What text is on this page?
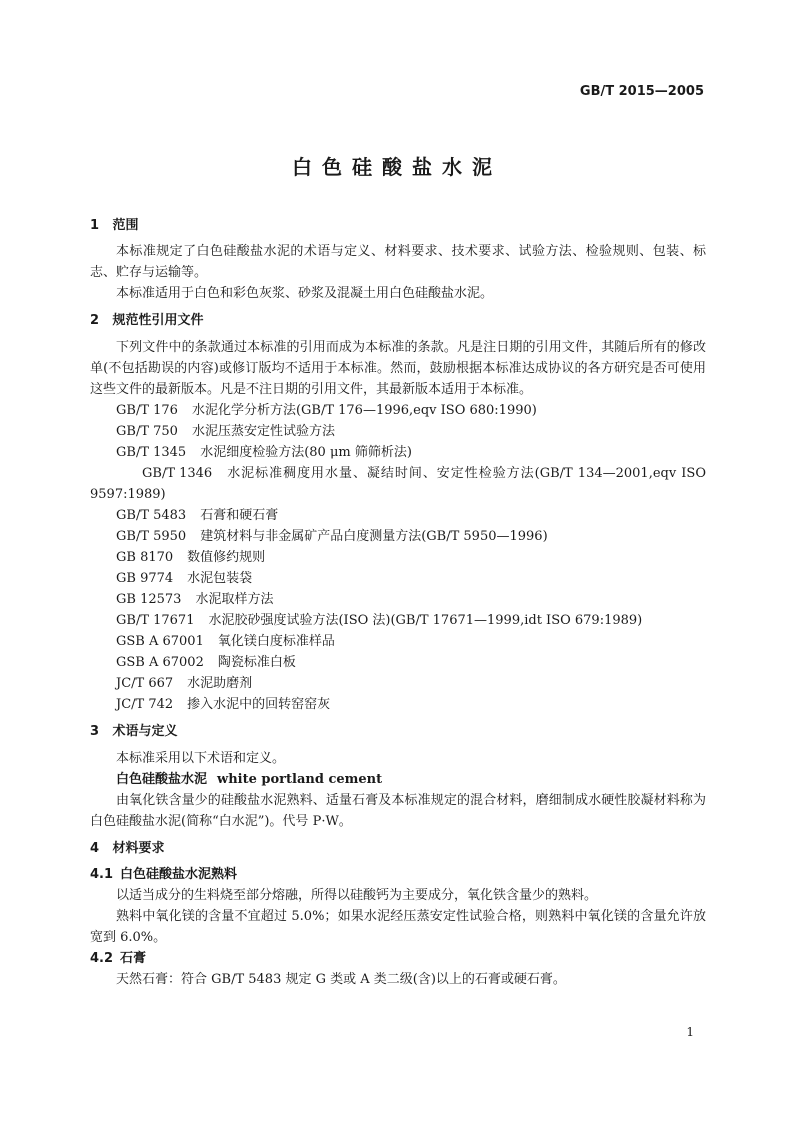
GB/T 2015—2005
白色硅酸盐水泥
1 范围

本标准规定了白色硅酸盐水泥的术语与定义、材料要求、技术要求、试验方法、检验规则、包装、标志、贮存与运输等。

本标准适用于白色和彩色灰浆、砂浆及混凝土用白色硅酸盐水泥。

2 规范性引用文件

下列文件中的条款通过本标准的引用而成为本标准的条款。凡是注日期的引用文件，其随后所有的修改单(不包括勘误的内容)或修订版均不适用于本标准。然而，鼓励根据本标准达成协议的各方研究是否可使用这些文件的最新版本。凡是不注日期的引用文件，其最新版本适用于本标准。

GB/T 176 水泥化学分析方法(GB/T 176—1996,eqv ISO 680:1990)

GB/T 750 水泥压蒸安定性试验方法

GB/T 1345 水泥细度检验方法(80 μm 筛筛析法)

GB/T 1346 水泥标准稠度用水量、凝结时间、安定性检验方法(GB/T 134—2001,eqv ISO 9597:1989)

GB/T 5483 石膏和硬石膏

GB/T 5950 建筑材料与非金属矿产品白度测量方法(GB/T 5950—1996)

GB 8170 数值修约规则

GB 9774 水泥包装袋

GB 12573 水泥取样方法

GB/T 17671 水泥胶砂强度试验方法(ISO 法)(GB/T 17671—1999,idt ISO 679:1989)

GSB A 67001 氧化镁白度标准样品

GSB A 67002 陶瓷标准白板

JC/T 667 水泥助磨剂

JC/T 742 掺入水泥中的回转窑窑灰

3 术语与定义

本标准采用以下术语和定义。

白色硅酸盐水泥 white portland cement

由氧化铁含量少的硅酸盐水泥熟料、适量石膏及本标准规定的混合材料，磨细制成水硬性胶凝材料称为白色硅酸盐水泥(简称“白水泥”)。代号 P·W。

4 材料要求
4.1 白色硅酸盐水泥熟料

以适当成分的生料烧至部分熔融，所得以硅酸钙为主要成分，氧化铁含量少的熟料。

熟料中氧化镁的含量不宜超过 5.0%；如果水泥经压蒸安定性试验合格，则熟料中氧化镁的含量允许放宽到 6.0%。

4.2 石膏

天然石膏：符合 GB/T 5483 规定 G 类或 A 类二级(含)以上的石膏或硬石膏。

1
